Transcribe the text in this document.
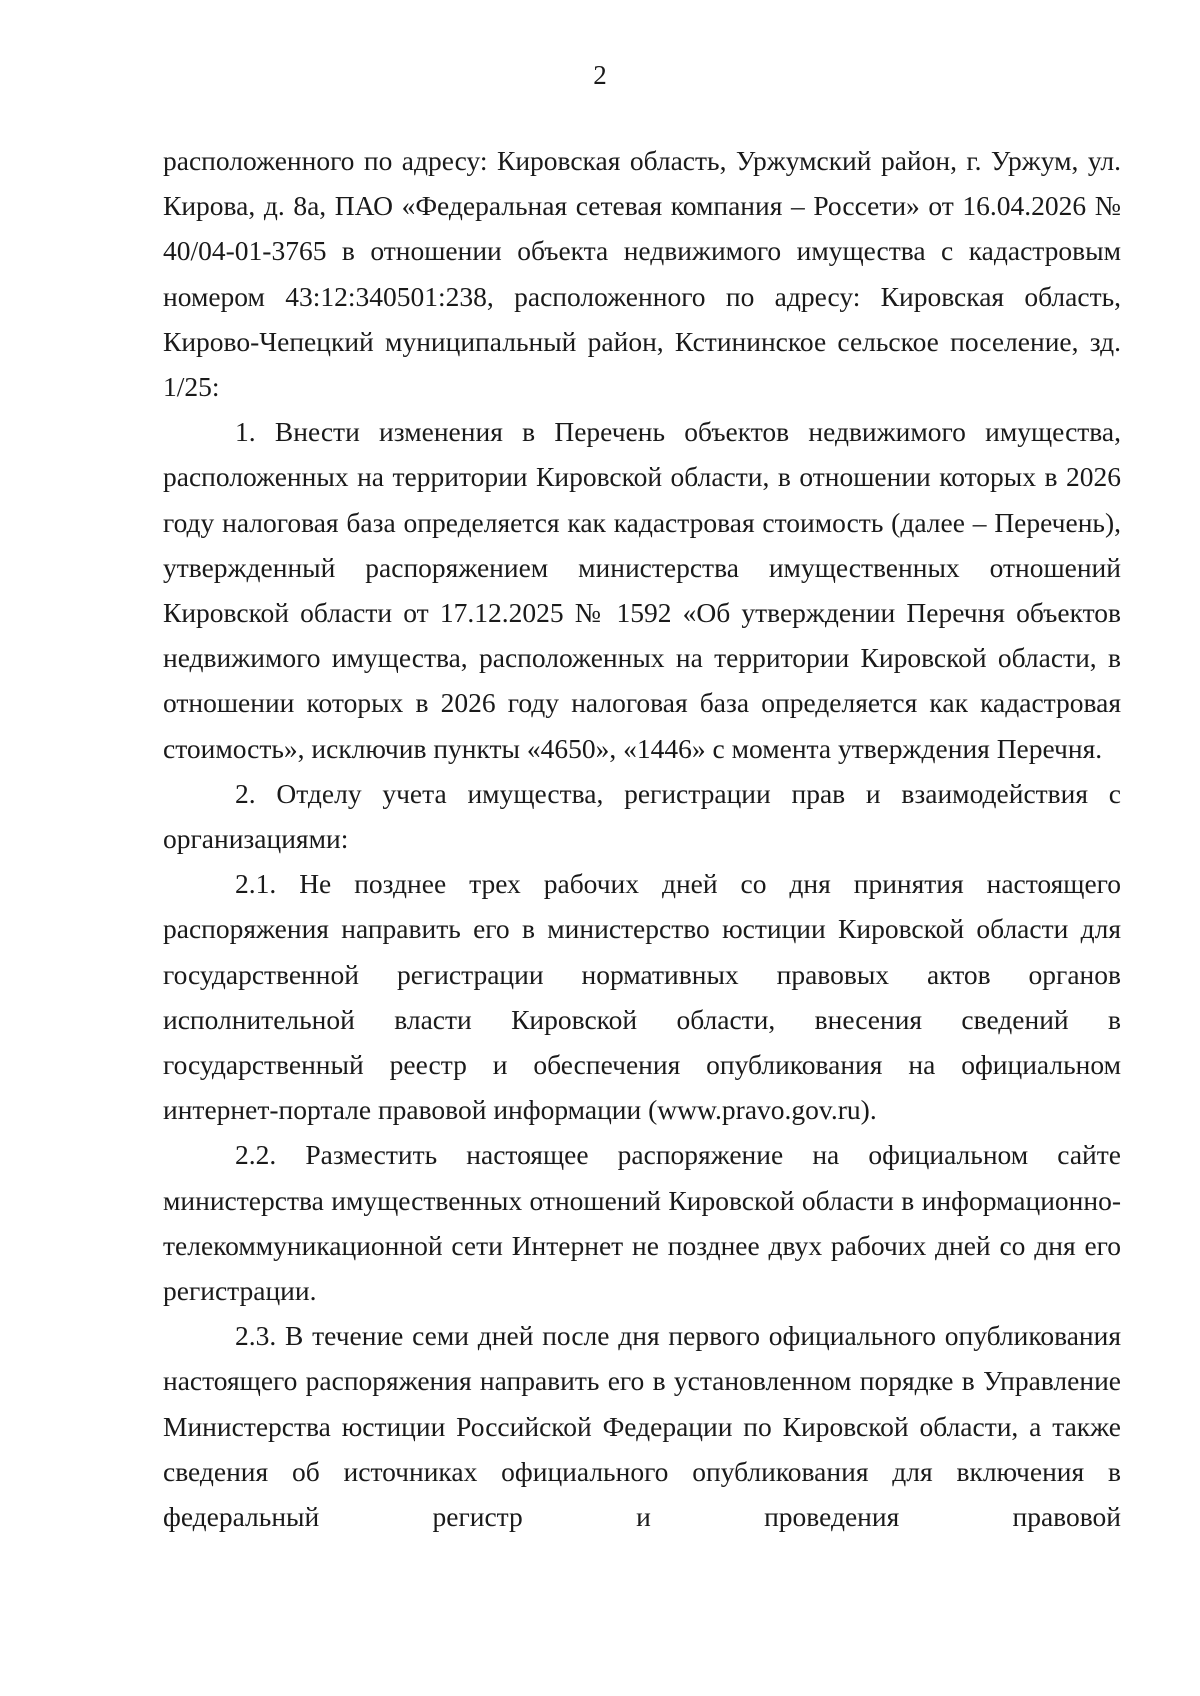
2

расположенного по адресу: Кировская область, Уржумский район, г. Уржум, ул. Кирова, д. 8а, ПАО «Федеральная сетевая компания – Россети» от 16.04.2026 № 40/04-01-3765 в отношении объекта недвижимого имущества с кадастровым номером 43:12:340501:238, расположенного по адресу: Кировская область, Кирово-Чепецкий муниципальный район, Кстининское сельское поселение, зд. 1/25:

1. Внести изменения в Перечень объектов недвижимого имущества, расположенных на территории Кировской области, в отношении которых в 2026 году налоговая база определяется как кадастровая стоимость (далее – Перечень), утвержденный распоряжением министерства имущественных отношений Кировской области от 17.12.2025 № 1592 «Об утверждении Перечня объектов недвижимого имущества, расположенных на территории Кировской области, в отношении которых в 2026 году налоговая база определяется как кадастровая стоимость», исключив пункты «4650», «1446» с момента утверждения Перечня.

2. Отделу учета имущества, регистрации прав и взаимодействия с организациями:

2.1. Не позднее трех рабочих дней со дня принятия настоящего распоряжения направить его в министерство юстиции Кировской области для государственной регистрации нормативных правовых актов органов исполнительной власти Кировской области, внесения сведений в государственный реестр и обеспечения опубликования на официальном интернет-портале правовой информации (www.pravo.gov.ru).

2.2. Разместить настоящее распоряжение на официальном сайте министерства имущественных отношений Кировской области в информационно-телекоммуникационной сети Интернет не позднее двух рабочих дней со дня его регистрации.

2.3. В течение семи дней после дня первого официального опубликования настоящего распоряжения направить его в установленном порядке в Управление Министерства юстиции Российской Федерации по Кировской области, а также сведения об источниках официального опубликования для включения в федеральный регистр и проведения правовой
